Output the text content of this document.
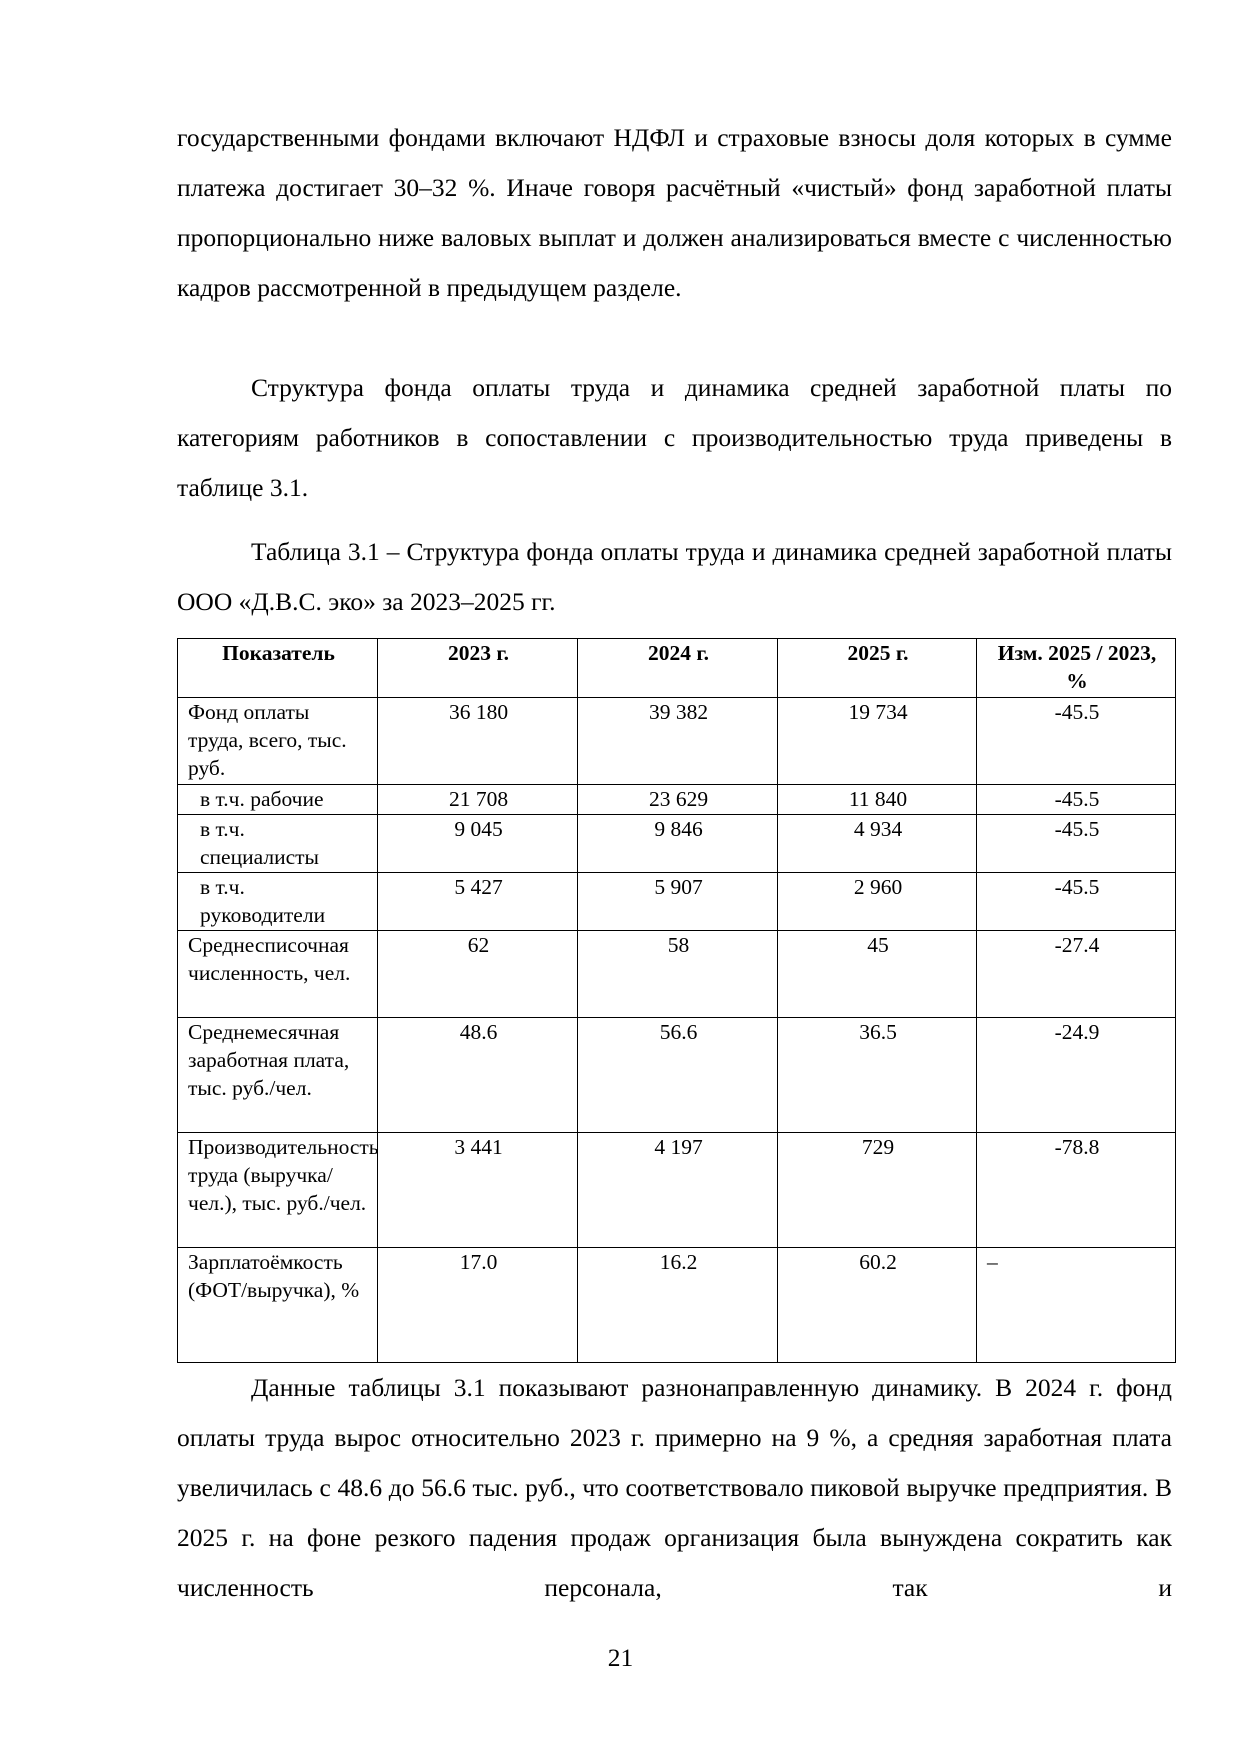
государственными фондами включают НДФЛ и страховые взносы доля которых в сумме платежа достигает 30–32 %. Иначе говоря расчётный «чистый» фонд заработной платы пропорционально ниже валовых выплат и должен анализироваться вместе с численностью кадров рассмотренной в предыдущем разделе.

Структура фонда оплаты труда и динамика средней заработной платы по категориям работников в сопоставлении с производительностью труда приведены в таблице 3.1.

Таблица 3.1 – Структура фонда оплаты труда и динамика средней заработной платы ООО «Д.В.С. эко» за 2023–2025 гг.

Показатель	2023 г.	2024 г.	2025 г.	Изм. 2025 / 2023, %
Фонд оплаты труда, всего, тыс. руб.	36 180	39 382	19 734	-45.5
в т.ч. рабочие	21 708	23 629	11 840	-45.5
в т.ч. специалисты	9 045	9 846	4 934	-45.5
в т.ч. руководители	5 427	5 907	2 960	-45.5
Среднесписочная численность, чел.	62	58	45	-27.4
Среднемесячная заработная плата, тыс. руб./чел.	48.6	56.6	36.5	-24.9
Производительность труда (выручка/чел.), тыс. руб./чел.	3 441	4 197	729	-78.8
Зарплатоёмкость (ФОТ/выручка), %	17.0	16.2	60.2	–

Данные таблицы 3.1 показывают разнонаправленную динамику. В 2024 г. фонд оплаты труда вырос относительно 2023 г. примерно на 9 %, а средняя заработная плата увеличилась с 48.6 до 56.6 тыс. руб., что соответствовало пиковой выручке предприятия. В 2025 г. на фоне резкого падения продаж организация была вынуждена сократить как численность персонала, так и

21
